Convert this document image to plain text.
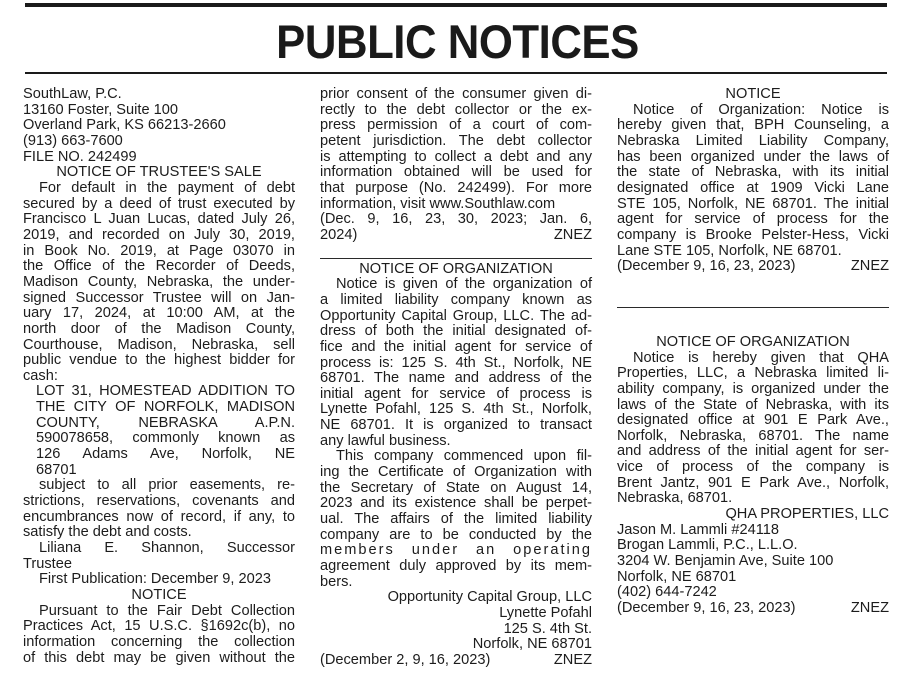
PUBLIC NOTICES
SouthLaw, P.C.
13160 Foster, Suite 100
Overland Park, KS 66213-2660
(913) 663-7600
FILE NO. 242499
NOTICE OF TRUSTEE'S SALE
For default in the payment of debt
secured by a deed of trust executed by
Francisco L Juan Lucas, dated July 26,
2019, and recorded on July 30, 2019,
in Book No. 2019, at Page 03070 in
the Office of the Recorder of Deeds,
Madison County, Nebraska, the under-
signed Successor Trustee will on Jan-
uary 17, 2024, at 10:00 AM, at the
north door of the Madison County,
Courthouse, Madison, Nebraska, sell
public vendue to the highest bidder for
cash:
LOT 31, HOMESTEAD ADDITION TO
THE CITY OF NORFOLK, MADISON
COUNTY, NEBRASKA A.P.N.
590078658, commonly known as
126 Adams Ave, Norfolk, NE
68701
subject to all prior easements, re-
strictions, reservations, covenants and
encumbrances now of record, if any, to
satisfy the debt and costs.
Liliana E. Shannon, Successor
Trustee
First Publication: December 9, 2023
NOTICE
Pursuant to the Fair Debt Collection
Practices Act, 15 U.S.C. §1692c(b), no
information concerning the collection
of this debt may be given without the
prior consent of the consumer given di-
rectly to the debt collector or the ex-
press permission of a court of com-
petent jurisdiction. The debt collector
is attempting to collect a debt and any
information obtained will be used for
that purpose (No. 242499). For more
information, visit www.Southlaw.com
(Dec. 9, 16, 23, 30, 2023; Jan. 6,
2024)	ZNEZ
NOTICE OF ORGANIZATION
Notice is given of the organization of
a limited liability company known as
Opportunity Capital Group, LLC. The ad-
dress of both the initial designated of-
fice and the initial agent for service of
process is: 125 S. 4th St., Norfolk, NE
68701. The name and address of the
initial agent for service of process is
Lynette Pofahl, 125 S. 4th St., Norfolk,
NE 68701. It is organized to transact
any lawful business.
This company commenced upon fil-
ing the Certificate of Organization with
the Secretary of State on August 14,
2023 and its existence shall be perpet-
ual. The affairs of the limited liability
company are to be conducted by the
members under an operating
agreement duly approved by its mem-
bers.
Opportunity Capital Group, LLC
Lynette Pofahl
125 S. 4th St.
Norfolk, NE 68701
(December 2, 9, 16, 2023)	ZNEZ
NOTICE
Notice of Organization: Notice is
hereby given that, BPH Counseling, a
Nebraska Limited Liability Company,
has been organized under the laws of
the state of Nebraska, with its initial
designated office at 1909 Vicki Lane
STE 105, Norfolk, NE 68701. The initial
agent for service of process for the
company is Brooke Pelster-Hess, Vicki
Lane STE 105, Norfolk, NE 68701.
(December 9, 16, 23, 2023)	ZNEZ
NOTICE OF ORGANIZATION
Notice is hereby given that QHA
Properties, LLC, a Nebraska limited li-
ability company, is organized under the
laws of the State of Nebraska, with its
designated office at 901 E Park Ave.,
Norfolk, Nebraska, 68701. The name
and address of the initial agent for ser-
vice of process of the company is
Brent Jantz, 901 E Park Ave., Norfolk,
Nebraska, 68701.
QHA PROPERTIES, LLC
Jason M. Lammli #24118
Brogan Lammli, P.C., L.L.O.
3204 W. Benjamin Ave, Suite 100
Norfolk, NE 68701
(402) 644-7242
(December 9, 16, 23, 2023)	ZNEZ
